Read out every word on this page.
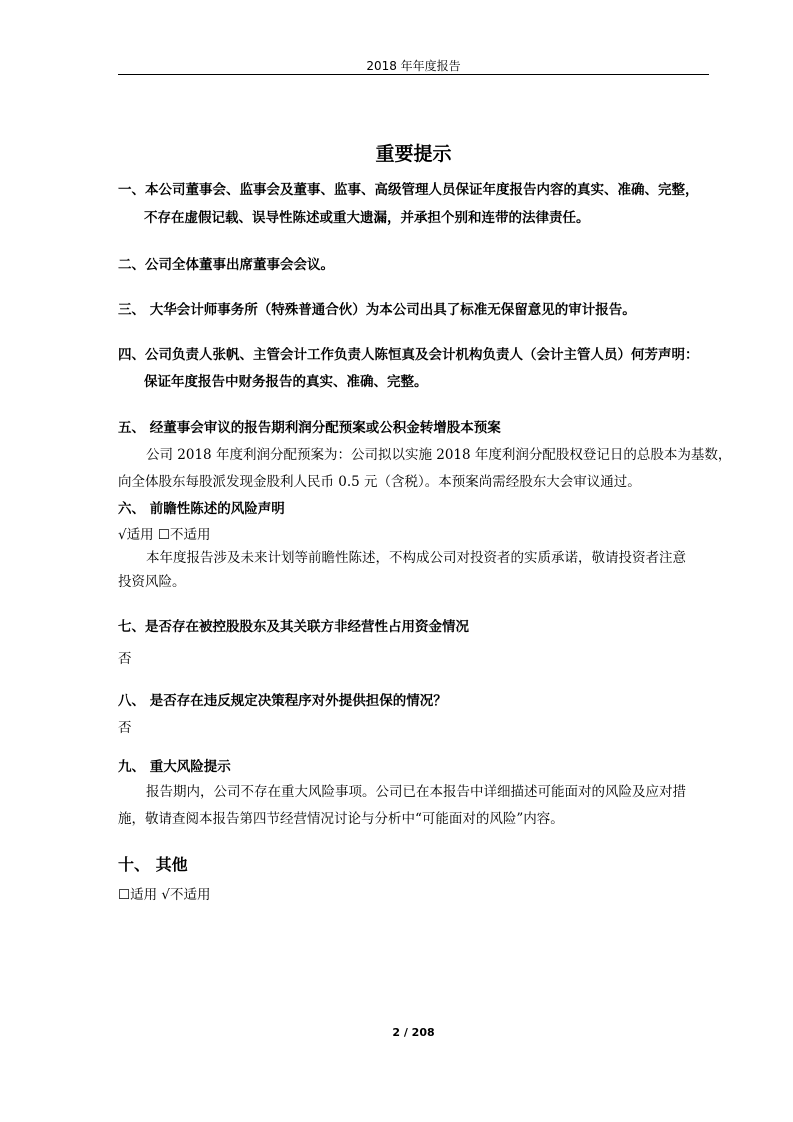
2018 年年度报告
重要提示
一、本公司董事会、监事会及董事、监事、高级管理人员保证年度报告内容的真实、准确、完整，
不存在虚假记载、误导性陈述或重大遗漏，并承担个别和连带的法律责任。
二、公司全体董事出席董事会会议。
三、 大华会计师事务所（特殊普通合伙）为本公司出具了标准无保留意见的审计报告。
四、公司负责人张帆、主管会计工作负责人陈恒真及会计机构负责人（会计主管人员）何芳声明：
保证年度报告中财务报告的真实、准确、完整。
五、 经董事会审议的报告期利润分配预案或公积金转增股本预案
公司 2018 年度利润分配预案为：公司拟以实施 2018 年度利润分配股权登记日的总股本为基数，
向全体股东每股派发现金股利人民币 0.5 元（含税）。本预案尚需经股东大会审议通过。
六、 前瞻性陈述的风险声明
√适用 ☐不适用
本年度报告涉及未来计划等前瞻性陈述，不构成公司对投资者的实质承诺，敬请投资者注意
投资风险。
七、是否存在被控股股东及其关联方非经营性占用资金情况
否
八、 是否存在违反规定决策程序对外提供担保的情况？
否
九、 重大风险提示
报告期内，公司不存在重大风险事项。公司已在本报告中详细描述可能面对的风险及应对措
施，敬请查阅本报告第四节经营情况讨论与分析中“可能面对的风险”内容。
十、 其他
☐适用 √不适用
2 / 208
